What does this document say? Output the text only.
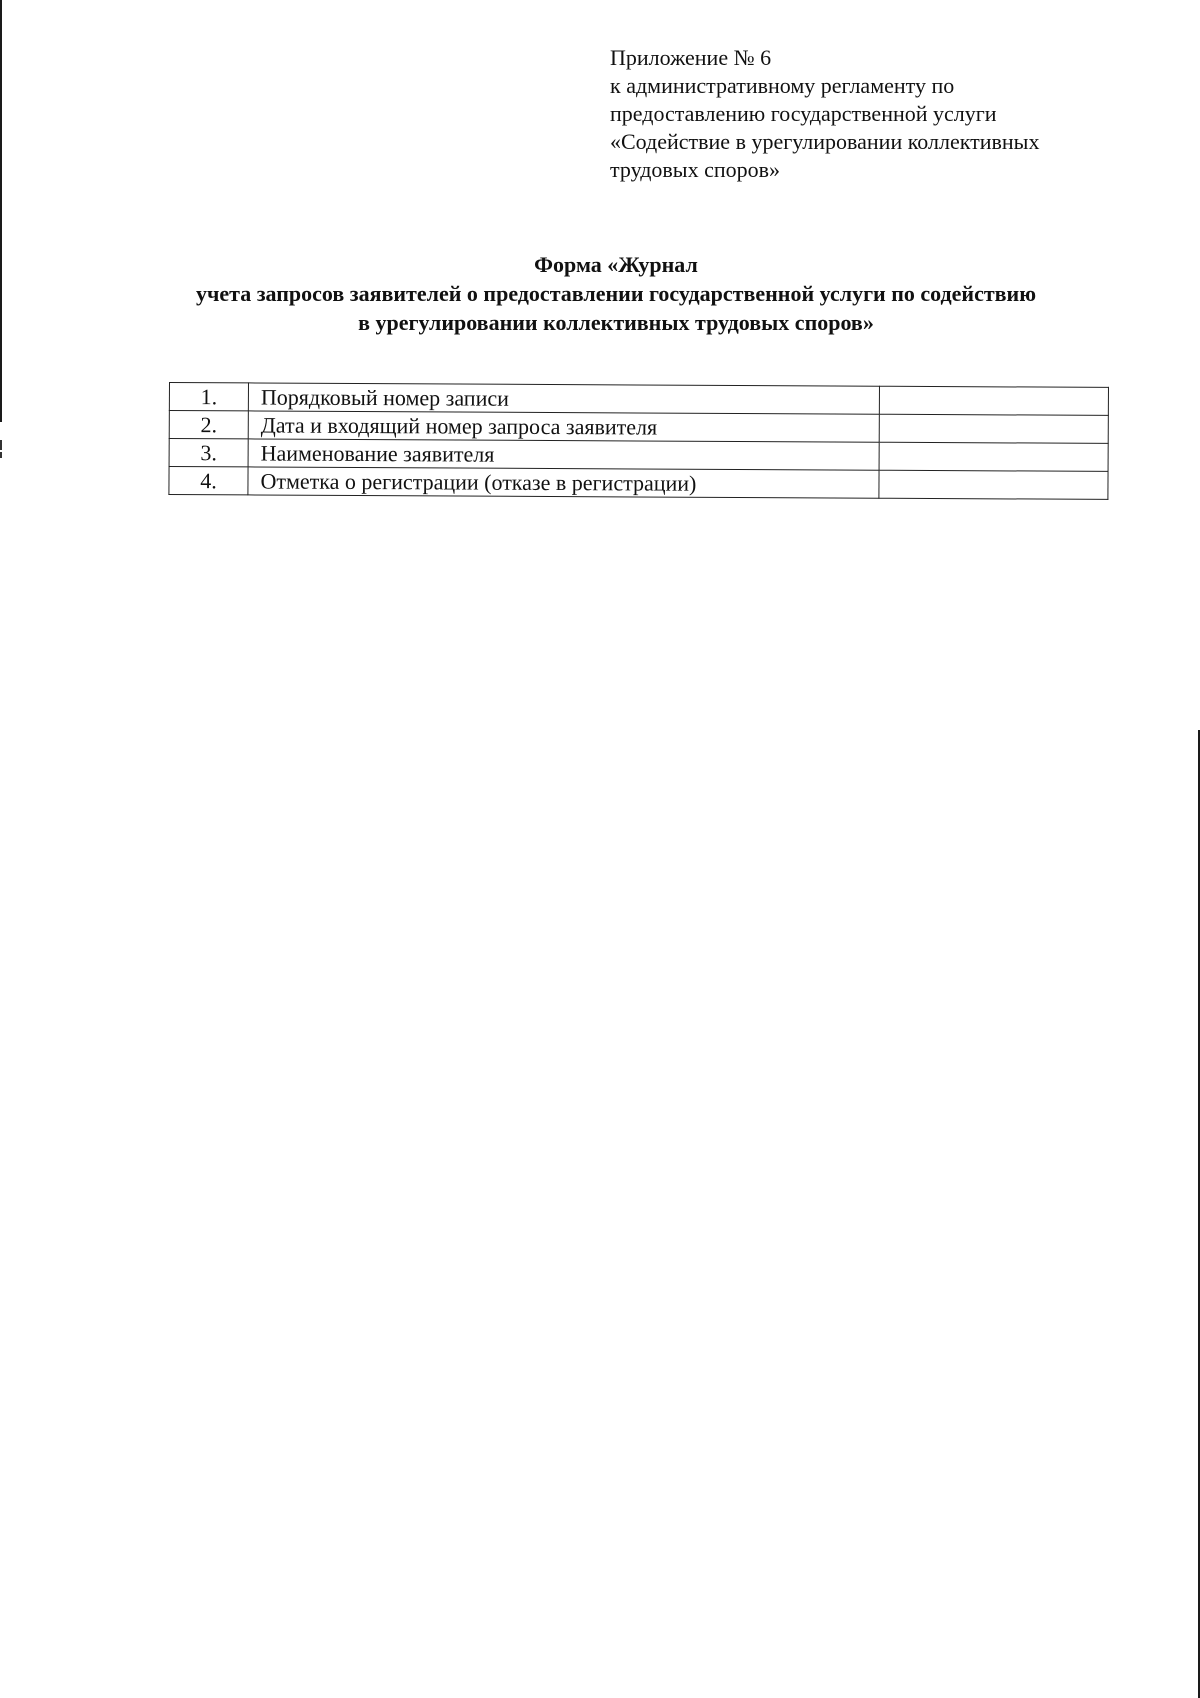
Приложение № 6
к административному регламенту по
предоставлению государственной услуги
«Содействие в урегулировании коллективных
трудовых споров»
Форма «Журнал
учета запросов заявителей о предоставлении государственной услуги по содействию
в урегулировании коллективных трудовых споров»
1.	Порядковый номер записи	
2.	Дата и входящий номер запроса заявителя	
3.	Наименование заявителя	
4.	Отметка о регистрации (отказе в регистрации)	
